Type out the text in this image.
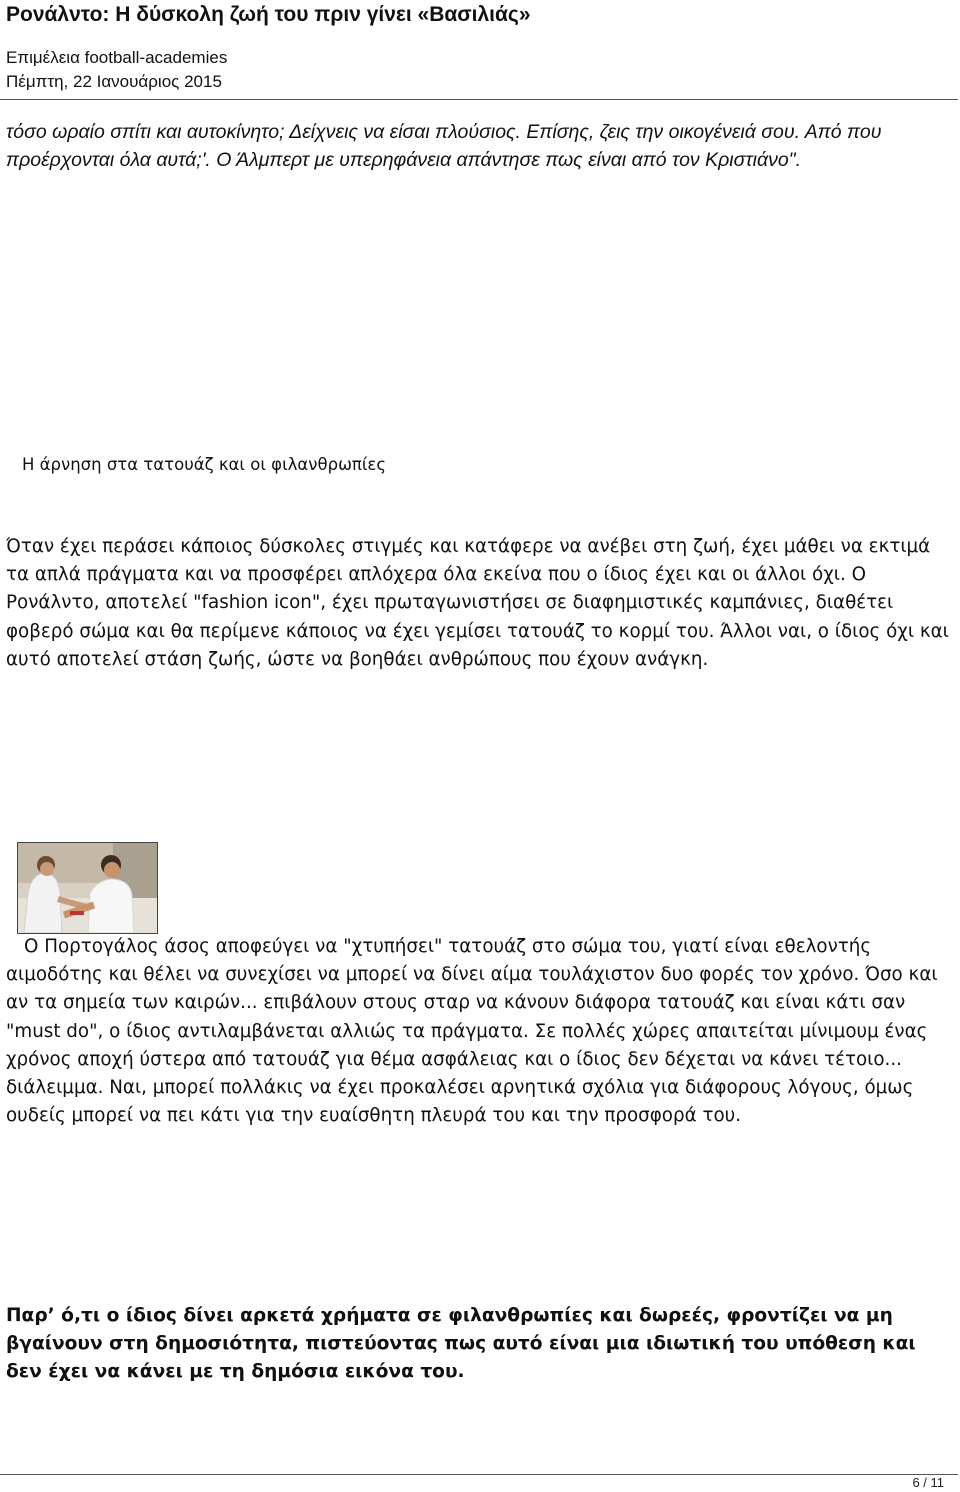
Ρονάλντο: Η δύσκολη ζωή του πριν γίνει «Βασιλιάς»
Επιμέλεια football-academies
Πέμπτη, 22 Ιανουάριος 2015
τόσο ωραίο σπίτι και αυτοκίνητο; Δείχνεις να είσαι πλούσιος. Επίσης, ζεις την οικογένειά σου. Από που προέρχονται όλα αυτά;'. Ο Άλμπερτ με υπερηφάνεια απάντησε πως είναι από τον Κριστιάνο".
Η άρνηση στα τατουάζ και οι φιλανθρωπίες
Όταν έχει περάσει κάποιος δύσκολες στιγμές και κατάφερε να ανέβει στη ζωή, έχει μάθει να εκτιμά τα απλά πράγματα και να προσφέρει απλόχερα όλα εκείνα που ο ίδιος έχει και οι άλλοι όχι. Ο Ρονάλντο, αποτελεί "fashion icon", έχει πρωταγωνιστήσει σε διαφημιστικές καμπάνιες, διαθέτει φοβερό σώμα και θα περίμενε κάποιος να έχει γεμίσει τατουάζ το κορμί του. Άλλοι ναι, ο ίδιος όχι και αυτό αποτελεί στάση ζωής, ώστε να βοηθάει ανθρώπους που έχουν ανάγκη.
Ο Πορτογάλος άσος αποφεύγει να "χτυπήσει" τατουάζ στο σώμα του, γιατί είναι εθελοντής αιμοδότης και θέλει να συνεχίσει να μπορεί να δίνει αίμα τουλάχιστον δυο φορές τον χρόνο. Όσο και αν τα σημεία των καιρών... επιβάλουν στους σταρ να κάνουν διάφορα τατουάζ και είναι κάτι σαν "must do", ο ίδιος αντιλαμβάνεται αλλιώς τα πράγματα. Σε πολλές χώρες απαιτείται μίνιμουμ ένας χρόνος αποχή ύστερα από τατουάζ για θέμα ασφάλειας και ο ίδιος δεν δέχεται να κάνει τέτοιο... διάλειμμα. Ναι, μπορεί πολλάκις να έχει προκαλέσει αρνητικά σχόλια για διάφορους λόγους, όμως ουδείς μπορεί να πει κάτι για την ευαίσθητη πλευρά του και την προσφορά του.
Παρ’ ό,τι ο ίδιος δίνει αρκετά χρήματα σε φιλανθρωπίες και δωρεές, φροντίζει να μη βγαίνουν στη δημοσιότητα, πιστεύοντας πως αυτό είναι μια ιδιωτική του υπόθεση και δεν έχει να κάνει με τη δημόσια εικόνα του.
6 / 11
